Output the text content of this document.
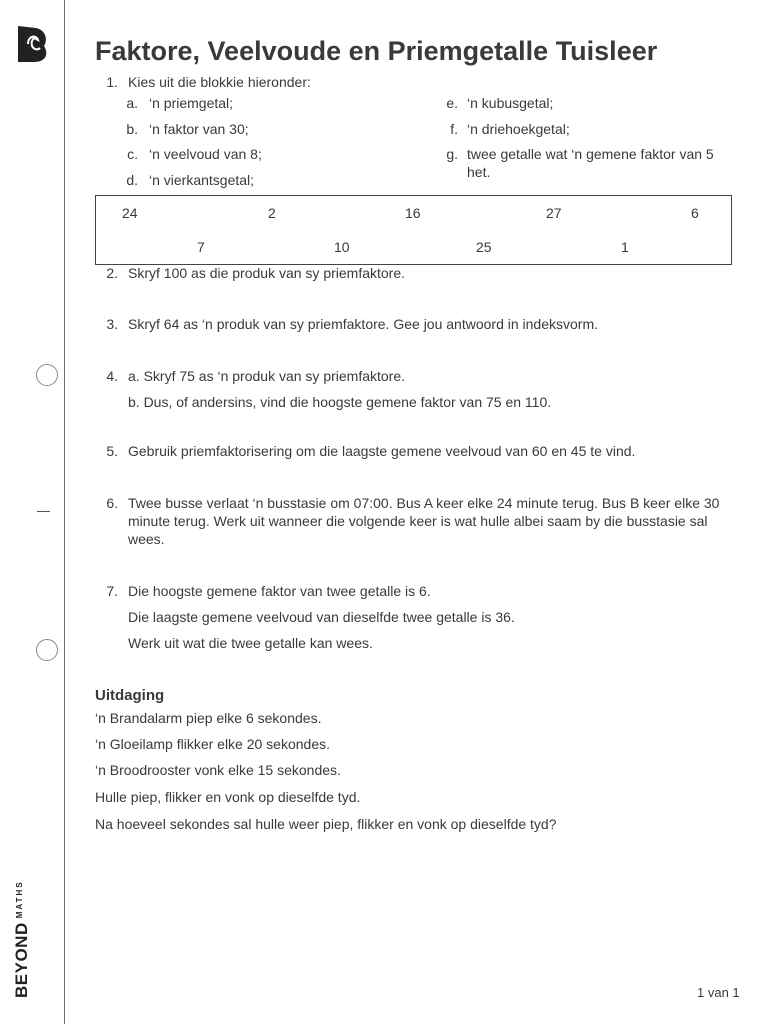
$BEYOND^{MATHS}$
Faktore, Veelvoude en Priemgetalle Tuisleer
1. Kies uit die blokkie hieronder:
a. ‘n priemgetal;
b. ‘n faktor van 30;
c. ‘n veelvoud van 8;
d. ‘n vierkantsgetal;
e. ‘n kubusgetal;
f. ‘n driehoekgetal;
g. twee getalle wat ‘n gemene faktor van 5 het.
24	2	16	27	6
7	10	25	1
2. Skryf 100 as die produk van sy priemfaktore.
3. Skryf 64 as ‘n produk van sy priemfaktore. Gee jou antwoord in indeksvorm.
4. a. Skryf 75 as ‘n produk van sy priemfaktore.
b. Dus, of andersins, vind die hoogste gemene faktor van 75 en 110.
5. Gebruik priemfaktorisering om die laagste gemene veelvoud van 60 en 45 te vind.
6. Twee busse verlaat ‘n busstasie om 07:00. Bus A keer elke 24 minute terug. Bus B keer elke 30 minute terug. Werk uit wanneer die volgende keer is wat hulle albei saam by die busstasie sal wees.
7. Die hoogste gemene faktor van twee getalle is 6.
Die laagste gemene veelvoud van dieselfde twee getalle is 36.
Werk uit wat die twee getalle kan wees.
Uitdaging
‘n Brandalarm piep elke 6 sekondes.
‘n Gloeilamp flikker elke 20 sekondes.
‘n Broodrooster vonk elke 15 sekondes.
Hulle piep, flikker en vonk op dieselfde tyd.
Na hoeveel sekondes sal hulle weer piep, flikker en vonk op dieselfde tyd?
1 van 1
